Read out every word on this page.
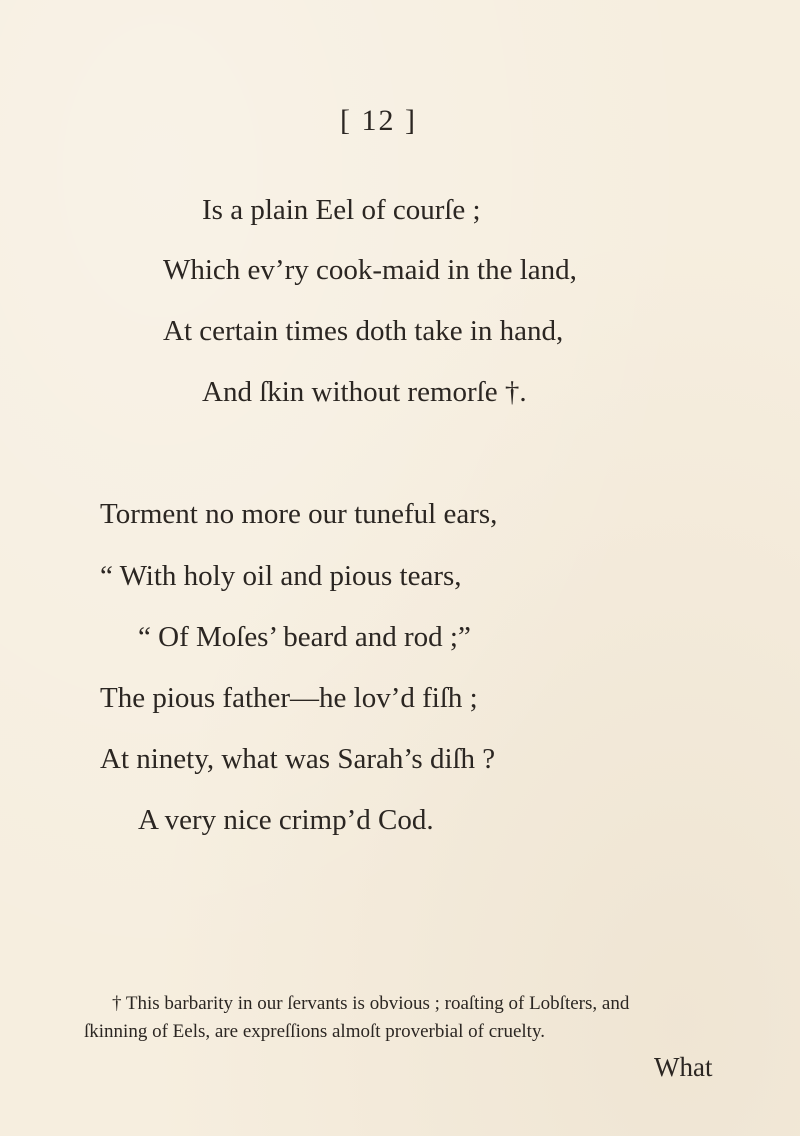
[ 12 ]
Is a plain Eel of courſe ;
Which ev’ry cook-maid in the land,
At certain times doth take in hand,
And ſkin without remorſe †.
Torment no more our tuneful ears,
“ With holy oil and pious tears,
“ Of Moſes’ beard and rod ;”
The pious father—he lov’d fiſh ;
At ninety, what was Sarah’s diſh ?
A very nice crimp’d Cod.
† This barbarity in our ſervants is obvious ; roaſting of Lobſters, and
ſkinning of Eels, are expreſſions almoſt proverbial of cruelty.
What
